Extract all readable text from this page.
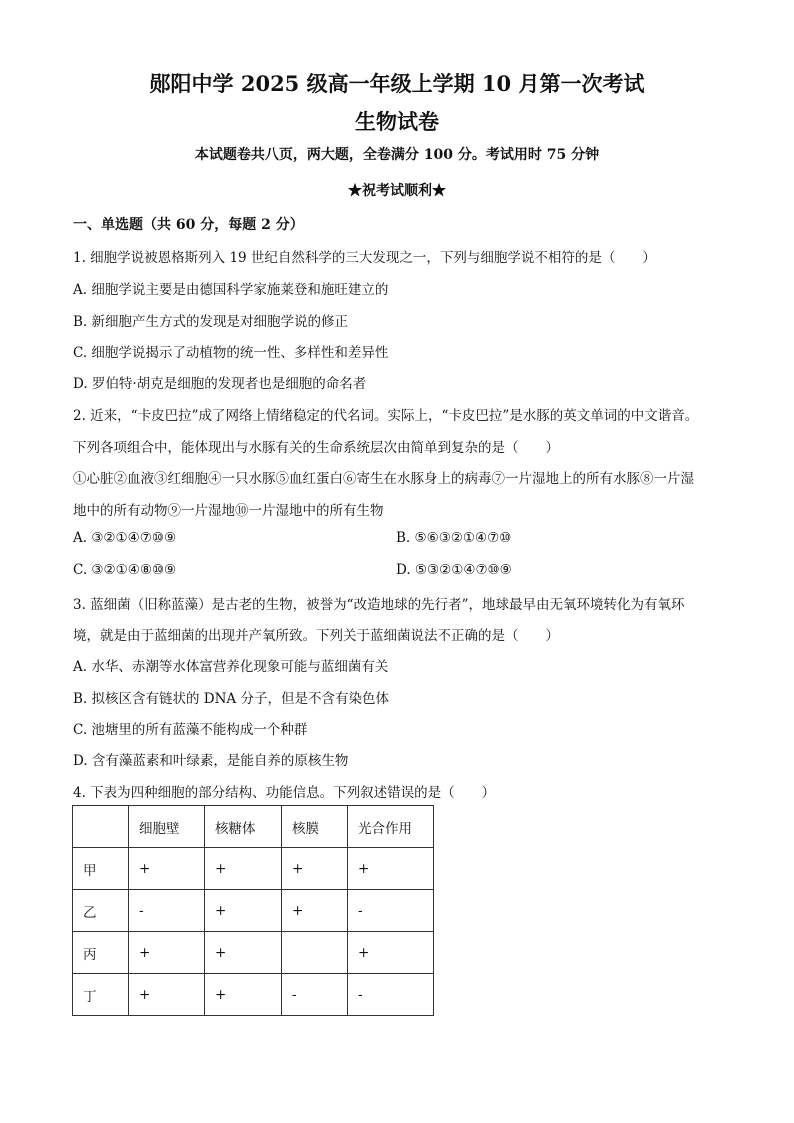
郧阳中学 2025 级高一年级上学期 10 月第一次考试
生物试卷
本试题卷共八页，两大题，全卷满分 100 分。考试用时 75 分钟
★祝考试顺利★
一、单选题（共 60 分，每题 2 分）
1. 细胞学说被恩格斯列入 19 世纪自然科学的三大发现之一，下列与细胞学说不相符的是（　　）
A. 细胞学说主要是由德国科学家施莱登和施旺建立的
B. 新细胞产生方式的发现是对细胞学说的修正
C. 细胞学说揭示了动植物的统一性、多样性和差异性
D. 罗伯特·胡克是细胞的发现者也是细胞的命名者
2. 近来，“卡皮巴拉”成了网络上情绪稳定的代名词。实际上，“卡皮巴拉”是水豚的英文单词的中文谐音。
下列各项组合中，能体现出与水豚有关的生命系统层次由简单到复杂的是（　　）
①心脏②血液③红细胞④一只水豚⑤血红蛋白⑥寄生在水豚身上的病毒⑦一片湿地上的所有水豚⑧一片湿
地中的所有动物⑨一片湿地⑩一片湿地中的所有生物
A. ③②①④⑦⑩⑨	B. ⑤⑥③②①④⑦⑩
C. ③②①④⑧⑩⑨	D. ⑤③②①④⑦⑩⑨
3. 蓝细菌（旧称蓝藻）是古老的生物，被誉为“改造地球的先行者”，地球最早由无氧环境转化为有氧环
境，就是由于蓝细菌的出现并产氧所致。下列关于蓝细菌说法不正确的是（　　）
A. 水华、赤潮等水体富营养化现象可能与蓝细菌有关
B. 拟核区含有链状的 DNA 分子，但是不含有染色体
C. 池塘里的所有蓝藻不能构成一个种群
D. 含有藻蓝素和叶绿素，是能自养的原核生物
4. 下表为四种细胞的部分结构、功能信息。下列叙述错误的是（　　）
	细胞壁	核糖体	核膜	光合作用
甲	+	+	+	+
乙	-	+	+	-
丙	+	+		+
丁	+	+	-	-
